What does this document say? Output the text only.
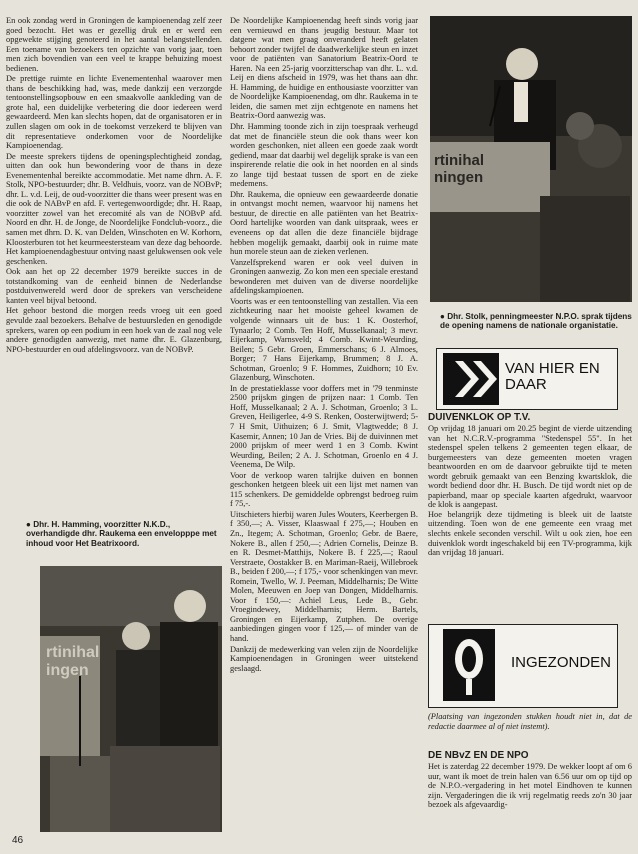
En ook zondag werd in Groningen de kampioenendag zelf zeer goed bezocht. Het was er gezellig druk en er werd een opgewekte stijging genoteerd in het aantal belangstellenden. Een toename van bezoekers ten opzichte van vorig jaar, toen men zich bovendien van een veel te krappe behuizing moest bedienen.

De prettige ruimte en lichte Evenementenhal waarover men thans de beschikking had, was, mede dankzij een verzorgde tentoonstellingsopbouw en een smaakvolle aankleding van de grote hal, een duidelijke verbetering die door iedereen werd gewaardeerd. Men kan slechts hopen, dat de organisatoren er in zullen slagen om ook in de toekomst verzekerd te blijven van dit representatieve onderkomen voor de Noordelijke Kampioenendag.

De meeste sprekers tijdens de openingsplechtigheid zondag, uitten dan ook hun bewondering voor de thans in deze Evenementenhal bereikte accommodatie. Met name dhrn. A. F. Stolk, NPO-bestuurder; dhr. B. Veldhuis, voorz. van de NOBvP; dhr. L. v.d. Leij, de oud-voorzitter die thans weer present was en die ook de NABvP en afd. F. vertegenwoordigde; dhr. H. Raap, voorzitter zowel van het erecomité als van de NOBvP afd. Noord en dhr. H. de Jonge, de Noordelijke Fondclub-voorz., die samen met dhrn. D. K. van Delden, Winschoten en W. Korhorn, Kloosterburen tot het keurmeestersteam van deze dag behoorde. Het kampioenendagbestuur ontving naast gelukwensen ook vele geschenken.

Ook aan het op 22 december 1979 bereikte succes in de totstandkoming van de eenheid binnen de Nederlandse postduivenwereld werd door de sprekers van verscheidene kanten veel bijval betoond.

Het gehoor bestond die morgen reeds vroeg uit een goed gevulde zaal bezoekers. Behalve de bestuursleden en genodigde sprekers, waren op een podium in een hoek van de zaal nog vele andere genodigden aanwezig, met name dhr. E. Glazenburg, NPO-bestuurder en oud afdelingsvoorz. van de NOBvP.

● Dhr. H. Hamming, voorzitter N.K.D., overhandigde dhr. Raukema een envelopppe met inhoud voor Het Beatrixoord.
rtinihal
ingen

De Noordelijke Kampioenendag heeft sinds vorig jaar een vernieuwd en thans jeugdig bestuur. Maar tot datgene wat men graag onveranderd heeft gelaten behoort zonder twijfel de daadwerkelijke steun en inzet voor de patiënten van Sanatorium Beatrix-Oord te Haren. Na een 25-jarig voorzitterschap van dhr. L. v.d. Leij en diens afscheid in 1979, was het thans aan dhr. H. Hamming, de huidige en enthousiaste voorzitter van de Noordelijke Kampioenendag, om dhr. Raukema in te leiden, die samen met zijn echtgenote en namens het Beatrix-Oord aanwezig was.

Dhr. Hamming toonde zich in zijn toespraak verheugd dat met de financiële steun die ook thans weer kon worden geschonken, niet alleen een goede zaak wordt gediend, maar dat daarbij wel degelijk sprake is van een inspirerende relatie die ook in het noorden en al sinds zo lange tijd bestaat tussen de sport en de zieke medemens.

Dhr. Raukema, die opnieuw een gewaardeerde donatie in ontvangst mocht nemen, waarvoor hij namens het bestuur, de directie en alle patiënten van het Beatrix-Oord hartelijke woorden van dank uitspraak, wees er eveneens op dat allen die deze financiële bijdrage hebben mogelijk gemaakt, daarbij ook in ruime mate hun morele steun aan de zieken verlenen.

Vanzelfsprekend waren er ook veel duiven in Groningen aanwezig. Zo kon men een speciale erestand bewonderen met duiven van de diverse noordelijke afdelingskampioenen.

Voorts was er een tentoonstelling van zestallen. Via een zichtkeuring naar het mooiste geheel kwamen de volgende winnaars uit de bus: 1 K. Oosterhof, Tynaarlo; 2 Comb. Ten Hoff, Musselkanaal; 3 mevr. Eijerkamp, Warnsveld; 4 Comb. Kwint-Weurding, Beilen; 5 Gebr. Groen, Emmerschans; 6 J. Almoes, Borger; 7 Hans Eijerkamp, Brummen; 8 J. A. Schotman, Groenlo; 9 F. Hommes, Zuidhorn; 10 Ev. Glazenburg, Winschoten.

In de prestatieklasse voor doffers met in '79 tenminste 2500 prijskm gingen de prijzen naar: 1 Comb. Ten Hoff, Musselkanaal; 2 A. J. Schotman, Groenlo; 3 L. Greven, Heiligerlee, 4-9 S. Renken, Oosterwijtwerd; 5-7 H Smit, Uithuizen; 6 J. Smit, Vlagtwedde; 8 J. Kasemir, Annen; 10 Jan de Vries. Bij de duivinnen met 2000 prijskm of meer werd 1 en 3 Comb. Kwint Weurding, Beilen; 2 A. J. Schotman, Groenlo en 4 J. Veenema, De Wilp.

Voor de verkoop waren talrijke duiven en bonnen geschonken hetgeen bleek uit een lijst met namen van 115 schenkers. De gemiddelde opbrengst bedroeg ruim f 75,-.

Uitschieters hierbij waren Jules Wouters, Keerbergen B. f 350,—; A. Visser, Klaaswaal f 275,—; Houben en Zn., Itegem; A. Schotman, Groenlo; Gebr. de Baere, Nokere B., allen f 250,—; Adrien Cornelis, Deinze B. en R. Desmet-Matthijs, Nokere B. f 225,—; Raoul Verstraete, Oostakker B. en Mariman-Raeij, Willebroek B., beiden f 200,—; f 175,- voor schenkingen van mevr. Romein, Twello, W. J. Peeman, Middelharnis; De Witte Molen, Meeuwen en Joep van Dongen, Middelharnis. Voor f 150,—: Achiel Leus, Lede B., Gebr. Vroegindewey, Middelharnis; Herm. Bartels, Groningen en Eijerkamp, Zutphen. De overige aanbiedingen gingen voor f 125,— of minder van de hand.

Dankzij de medewerking van velen zijn de Noordelijke Kampioenendagen in Groningen weer uitstekend geslaagd.

rtinihal
ningen
● Dhr. Stolk, penningmeester N.P.O. sprak tijdens de opening namens de nationale organistatie.
VAN HIER EN DAAR
DUIVENKLOK OP T.V.
Op vrijdag 18 januari om 20.25 begint de vierde uitzending van het N.C.R.V.-programma "Stedenspel 55". In het stedenspel spelen telkens 2 gemeenten tegen elkaar, de burgemeesters van deze gemeenten moeten vragen beantwoorden en om de daarvoor gebruikte tijd te meten wordt gebruik gemaakt van een Benzing kwartsklok, die wordt bediend door dhr. H. Busch. De tijd wordt niet op de papierband, maar op speciale kaarten afgedrukt, waarvoor de klok is aangepast.
Hoe belangrijk deze tijdmeting is bleek uit de laatste uitzending. Toen won de ene gemeente een vraag met slechts enkele seconden verschil. Wilt u ook zien, hoe een duivenklok wordt ingeschakeld bij een TV-programma, kijk dan vrijdag 18 januari.
INGEZONDEN
(Plaatsing van ingezonden stukken houdt niet in, dat de redactie daarmee al of niet instemt).
DE NBvZ EN DE NPO
Het is zaterdag 22 december 1979. De wekker loopt af om 6 uur, want ik moet de trein halen van 6.56 uur om op tijd op de N.P.O.-vergadering in het motel Eindhoven te kunnen zijn. Vergaderingen die ik vrij regelmatig reeds zo'n 30 jaar bezoek als afgevaardig-
46
